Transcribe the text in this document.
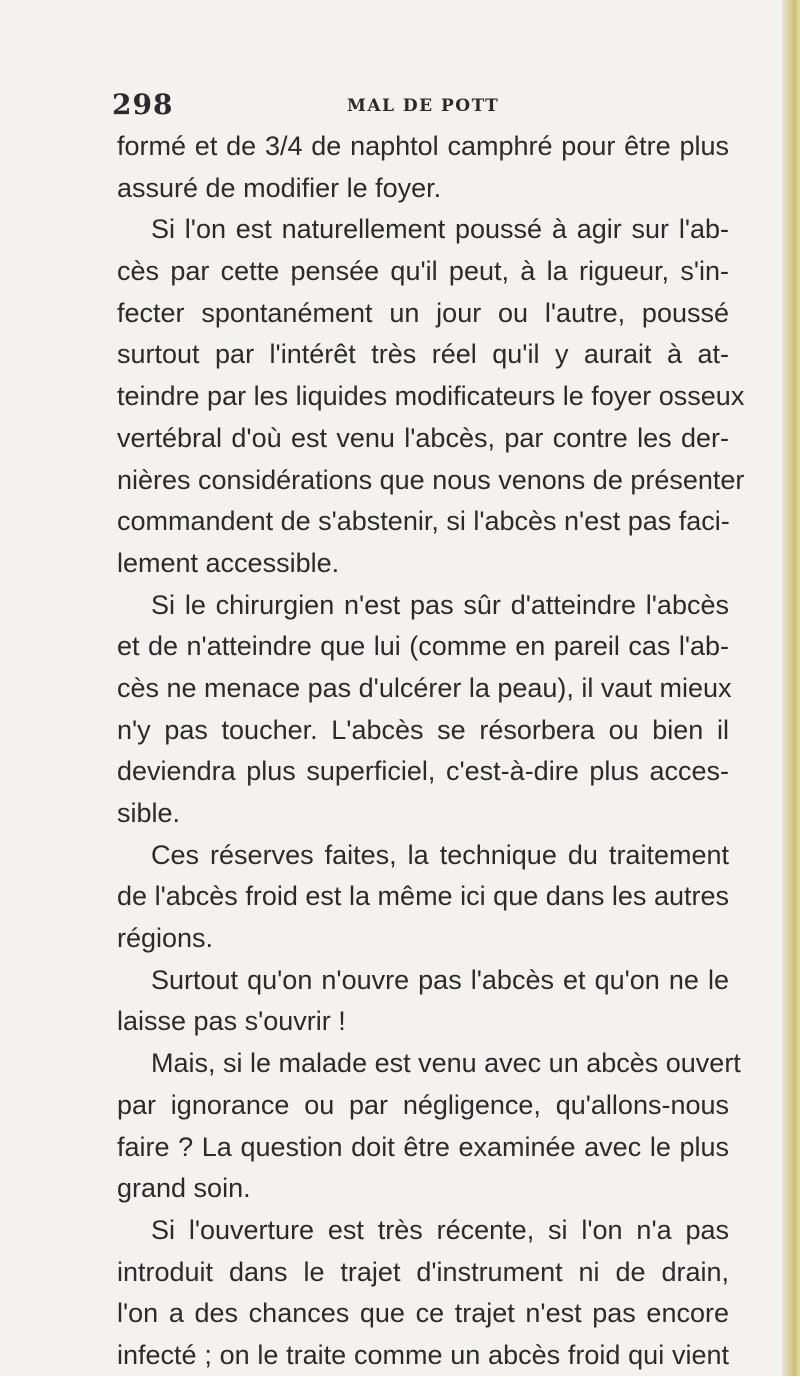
298	MAL DE POTT
formé et de 3/4 de naphtol camphré pour être plus
assuré de modifier le foyer.
Si l'on est naturellement poussé à agir sur l'ab-
cès par cette pensée qu'il peut, à la rigueur, s'in-
fecter spontanément un jour ou l'autre, poussé
surtout par l'intérêt très réel qu'il y aurait à at-
teindre par les liquides modificateurs le foyer osseux
vertébral d'où est venu l'abcès, par contre les der-
nières considérations que nous venons de présenter
commandent de s'abstenir, si l'abcès n'est pas faci-
lement accessible.
Si le chirurgien n'est pas sûr d'atteindre l'abcès
et de n'atteindre que lui (comme en pareil cas l'ab-
cès ne menace pas d'ulcérer la peau), il vaut mieux
n'y pas toucher. L'abcès se résorbera ou bien il
deviendra plus superficiel, c'est-à-dire plus acces-
sible.
Ces réserves faites, la technique du traitement
de l'abcès froid est la même ici que dans les autres
régions.
Surtout qu'on n'ouvre pas l'abcès et qu'on ne le
laisse pas s'ouvrir !
Mais, si le malade est venu avec un abcès ouvert
par ignorance ou par négligence, qu'allons-nous
faire ? La question doit être examinée avec le plus
grand soin.
Si l'ouverture est très récente, si l'on n'a pas
introduit dans le trajet d'instrument ni de drain,
l'on a des chances que ce trajet n'est pas encore
infecté ; on le traite comme un abcès froid qui vient
